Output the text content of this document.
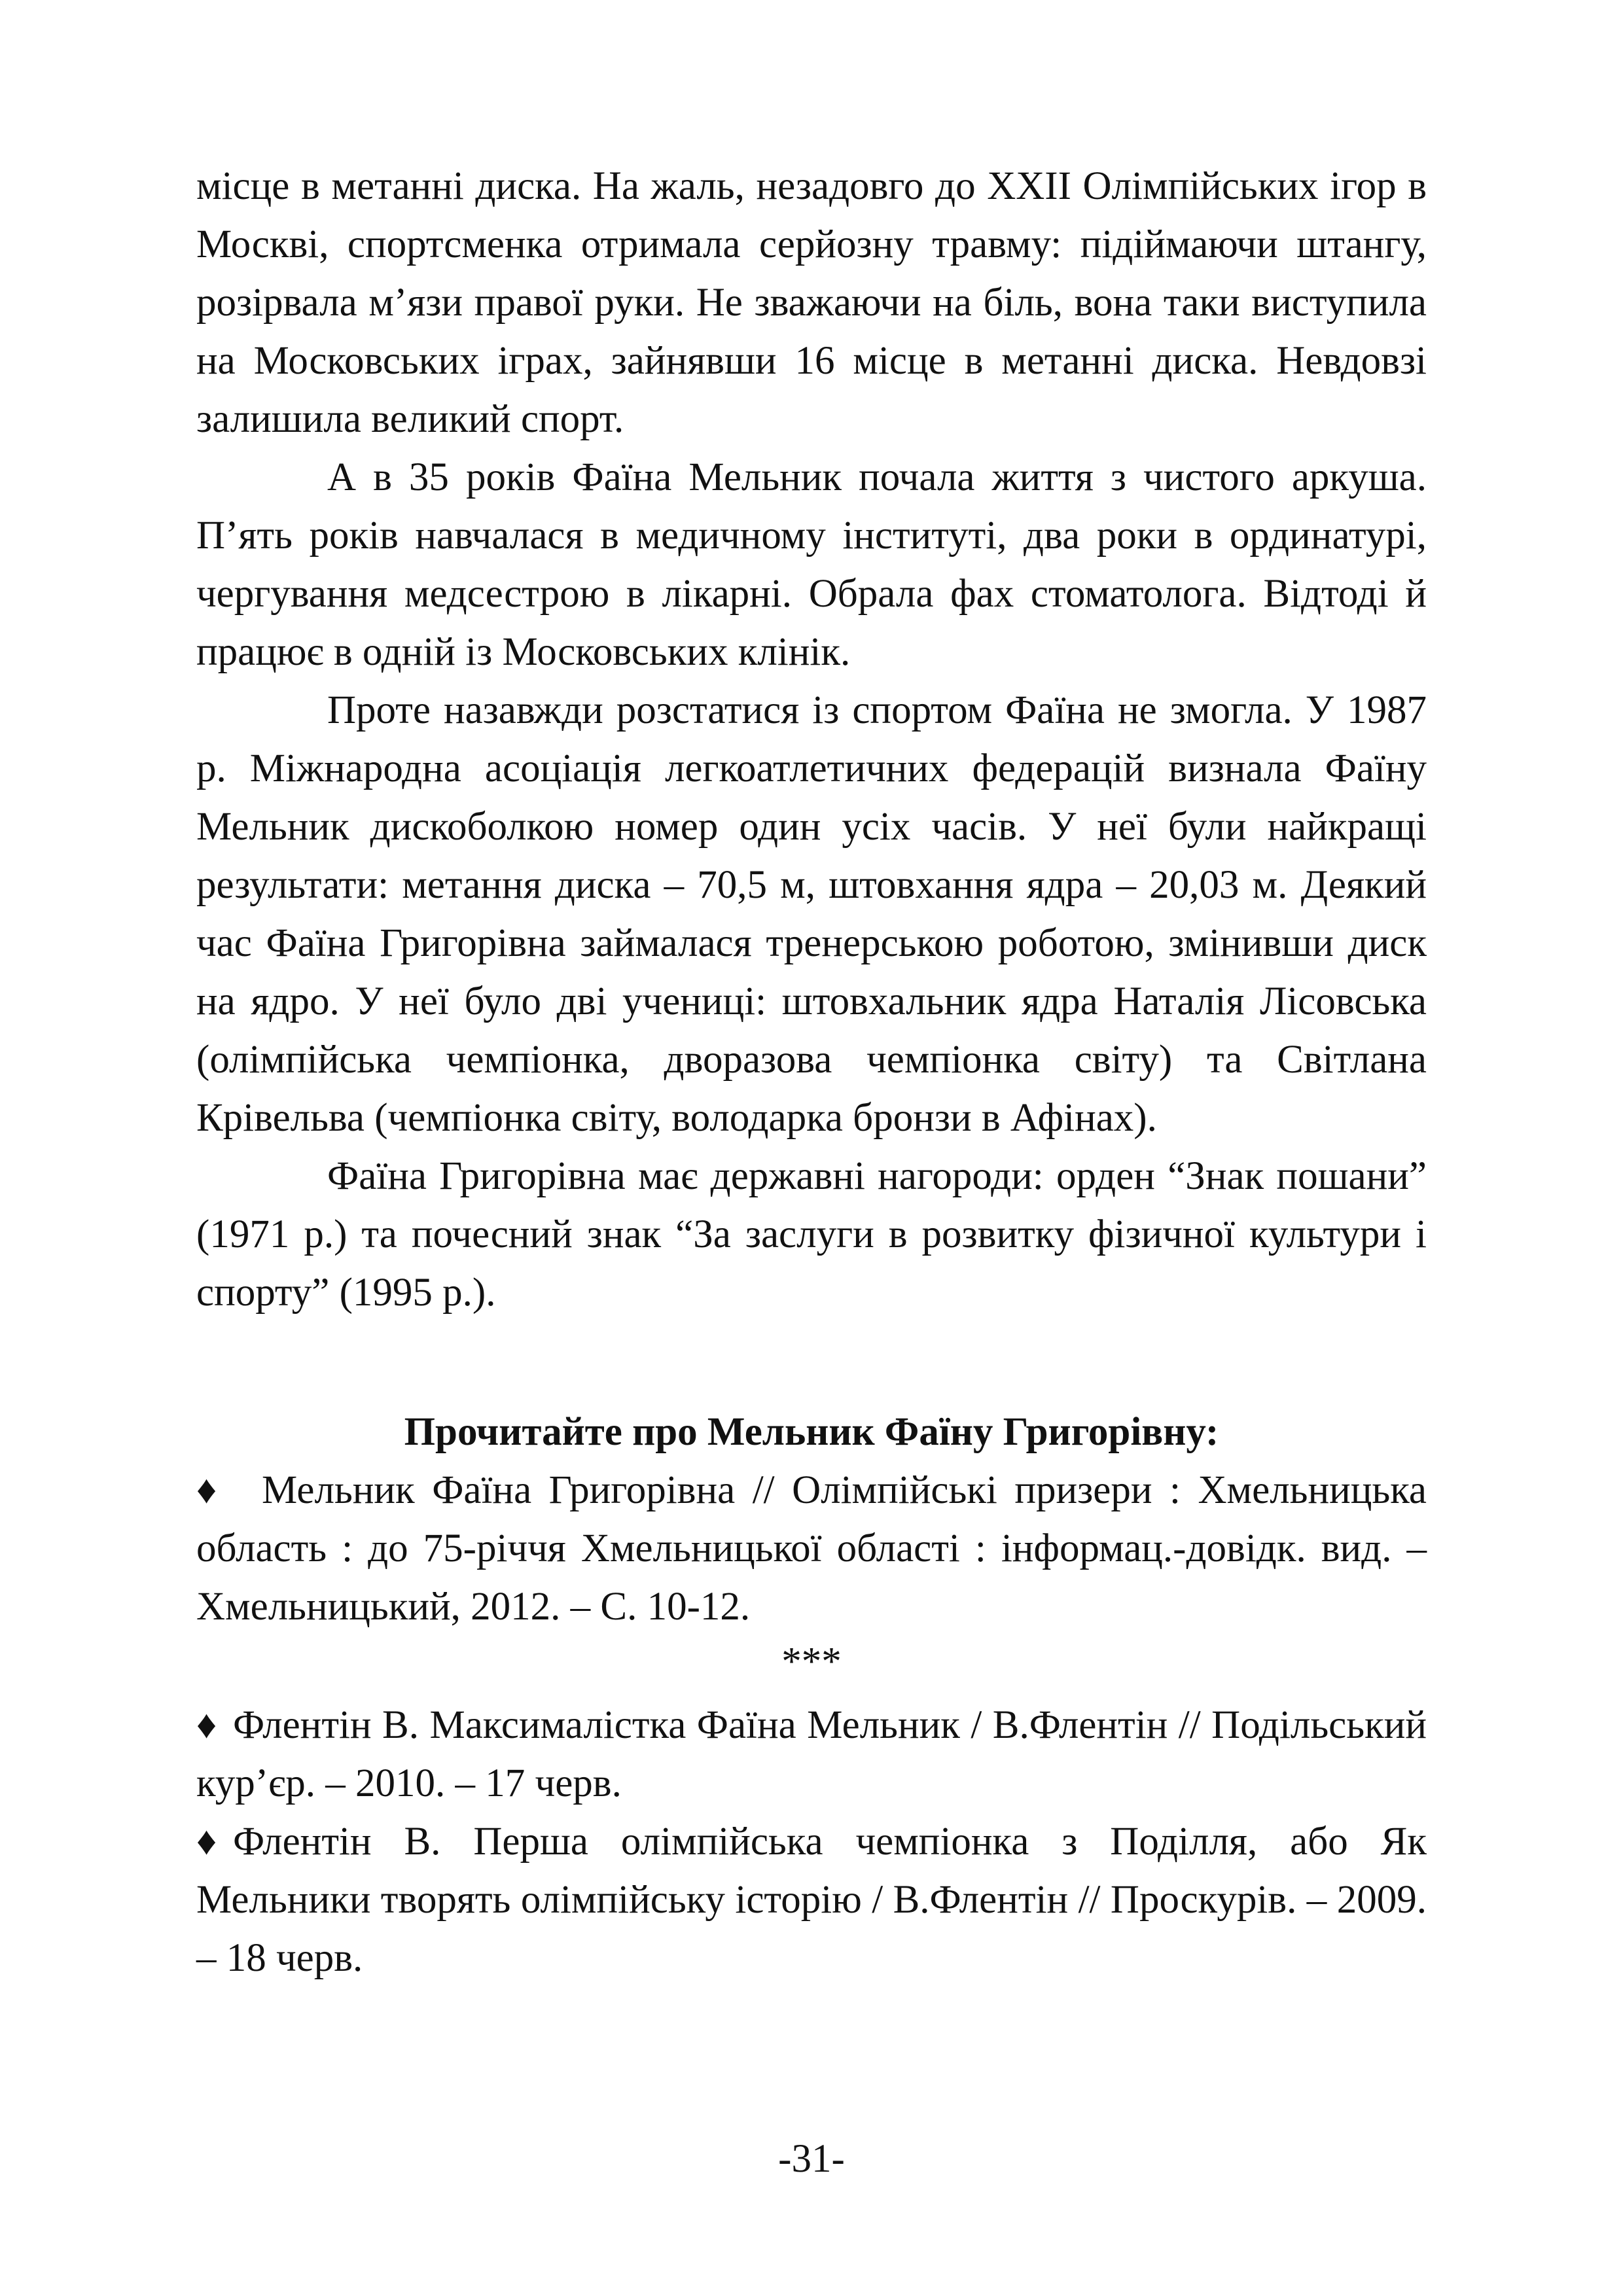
місце в метанні диска. На жаль, незадовго до XXII Олімпійських ігор в Москві, спортсменка отримала серйозну травму: підіймаючи штангу, розірвала м’язи правої руки. Не зважаючи на біль, вона таки виступила на Московських іграх, зайнявши 16 місце в метанні диска. Невдовзі залишила великий спорт.

А в 35 років Фаїна Мельник почала життя з чистого аркуша. П’ять років навчалася в медичному інституті, два роки в ординатурі, чергування медсестрою в лікарні. Обрала фах стоматолога. Відтоді й працює в одній із Московських клінік.

Проте назавжди розстатися із спортом Фаїна не змогла. У 1987 р. Міжнародна асоціація легкоатлетичних федерацій визнала Фаїну Мельник дискоболкою номер один усіх часів. У неї були найкращі результати: метання диска – 70,5 м, штовхання ядра – 20,03 м. Деякий час Фаїна Григорівна займалася тренерською роботою, змінивши диск на ядро. У неї було дві учениці: штовхальник ядра Наталія Лісовська (олімпійська чемпіонка, дворазова чемпіонка світу) та Світлана Крівельва (чемпіонка світу, володарка бронзи в Афінах).

Фаїна Григорівна має державні нагороди: орден “Знак пошани” (1971 р.) та почесний знак “За заслуги в розвитку фізичної культури і спорту” (1995 р.).

Прочитайте про Мельник Фаїну Григорівну:

♦ Мельник Фаїна Григорівна // Олімпійські призери : Хмельницька область : до 75-річчя Хмельницької області : інформац.-довідк. вид. – Хмельницький, 2012. – С. 10-12.

***

♦ Флентін В. Максималістка Фаїна Мельник / В.Флентін // Подільський кур’єр. – 2010. – 17 черв.

♦ Флентін В. Перша олімпійська чемпіонка з Поділля, або Як Мельники творять олімпійську історію / В.Флентін // Проскурів. – 2009. – 18 черв.

-31-
